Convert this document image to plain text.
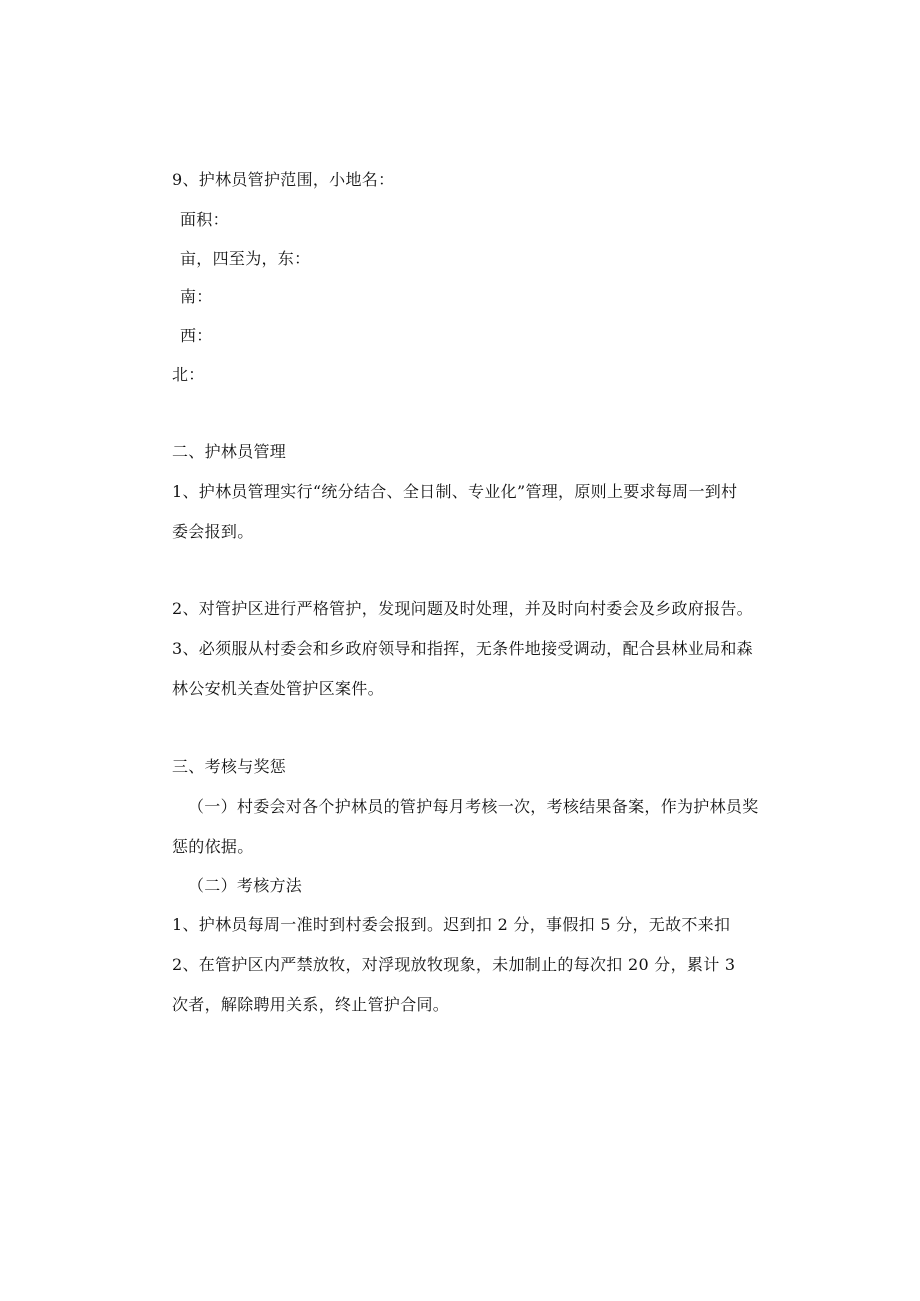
9、护林员管护范围，小地名：
面积：
亩，四至为，东：
南：
西：
北：
二、护林员管理
1、护林员管理实行“统分结合、全日制、专业化”管理，原则上要求每周一到村
委会报到。
2、对管护区进行严格管护，发现问题及时处理，并及时向村委会及乡政府报告。
3、必须服从村委会和乡政府领导和指挥，无条件地接受调动，配合县林业局和森
林公安机关查处管护区案件。
三、考核与奖惩
（一）村委会对各个护林员的管护每月考核一次，考核结果备案，作为护林员奖
惩的依据。
（二）考核方法
1、护林员每周一准时到村委会报到。迟到扣 2 分，事假扣 5 分，无故不来扣
2、在管护区内严禁放牧，对浮现放牧现象，未加制止的每次扣 20 分，累计 3
次者，解除聘用关系，终止管护合同。
